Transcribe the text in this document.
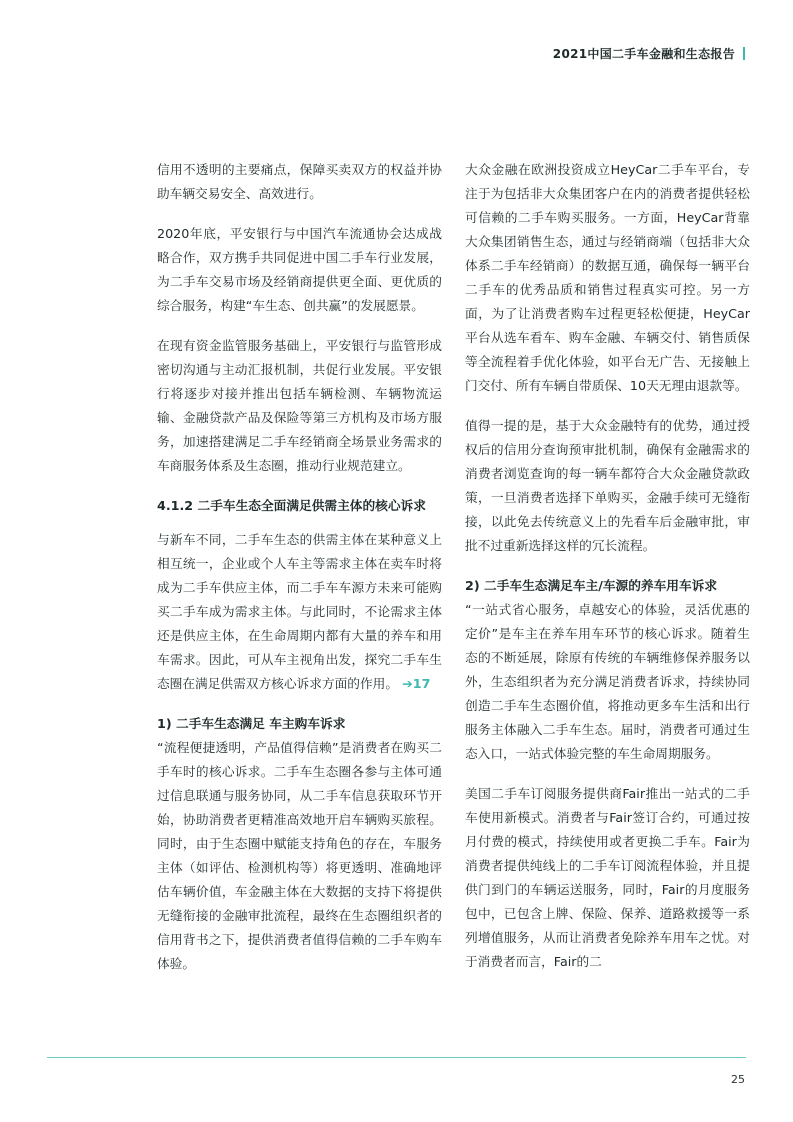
2021中国二手车金融和生态报告

信用不透明的主要痛点，保障买卖双方的权益并协助车辆交易安全、高效进行。

2020年底，平安银行与中国汽车流通协会达成战略合作，双方携手共同促进中国二手车行业发展，为二手车交易市场及经销商提供更全面、更优质的综合服务，构建“车生态、创共赢”的发展愿景。

在现有资金监管服务基础上，平安银行与监管形成密切沟通与主动汇报机制，共促行业发展。平安银行将逐步对接并推出包括车辆检测、车辆物流运输、金融贷款产品及保险等第三方机构及市场方服务，加速搭建满足二手车经销商全场景业务需求的车商服务体系及生态圈，推动行业规范建立。

4.1.2 二手车生态全面满足供需主体的核心诉求

与新车不同，二手车生态的供需主体在某种意义上相互统一，企业或个人车主等需求主体在卖车时将成为二手车供应主体，而二手车车源方未来可能购买二手车成为需求主体。与此同时，不论需求主体还是供应主体，在生命周期内都有大量的养车和用车需求。因此，可从车主视角出发，探究二手车生态圈在满足供需双方核心诉求方面的作用。 ➔17

1) 二手车生态满足 车主购车诉求

“流程便捷透明，产品值得信赖”是消费者在购买二手车时的核心诉求。二手车生态圈各参与主体可通过信息联通与服务协同，从二手车信息获取环节开始，协助消费者更精准高效地开启车辆购买旅程。同时，由于生态圈中赋能支持角色的存在，车服务主体（如评估、检测机构等）将更透明、准确地评估车辆价值，车金融主体在大数据的支持下将提供无缝衔接的金融审批流程，最终在生态圈组织者的信用背书之下，提供消费者值得信赖的二手车购车体验。

大众金融在欧洲投资成立HeyCar二手车平台，专注于为包括非大众集团客户在内的消费者提供轻松可信赖的二手车购买服务。一方面，HeyCar背靠大众集团销售生态，通过与经销商端（包括非大众体系二手车经销商）的数据互通，确保每一辆平台二手车的优秀品质和销售过程真实可控。另一方面，为了让消费者购车过程更轻松便捷，HeyCar平台从选车看车、购车金融、车辆交付、销售质保等全流程着手优化体验，如平台无广告、无接触上门交付、所有车辆自带质保、10天无理由退款等。

值得一提的是，基于大众金融特有的优势，通过授权后的信用分查询预审批机制，确保有金融需求的消费者浏览查询的每一辆车都符合大众金融贷款政策，一旦消费者选择下单购买，金融手续可无缝衔接，以此免去传统意义上的先看车后金融审批，审批不过重新选择这样的冗长流程。

2) 二手车生态满足车主/车源的养车用车诉求

“一站式省心服务，卓越安心的体验，灵活优惠的定价”是车主在养车用车环节的核心诉求。随着生态的不断延展，除原有传统的车辆维修保养服务以外，生态组织者为充分满足消费者诉求，持续协同创造二手车生态圈价值，将推动更多车生活和出行服务主体融入二手车生态。届时，消费者可通过生态入口，一站式体验完整的车生命周期服务。

美国二手车订阅服务提供商Fair推出一站式的二手车使用新模式。消费者与Fair签订合约，可通过按月付费的模式，持续使用或者更换二手车。Fair为消费者提供纯线上的二手车订阅流程体验，并且提供门到门的车辆运送服务，同时，Fair的月度服务包中，已包含上牌、保险、保养、道路救援等一系列增值服务，从而让消费者免除养车用车之忧。对于消费者而言，Fair的二

25
